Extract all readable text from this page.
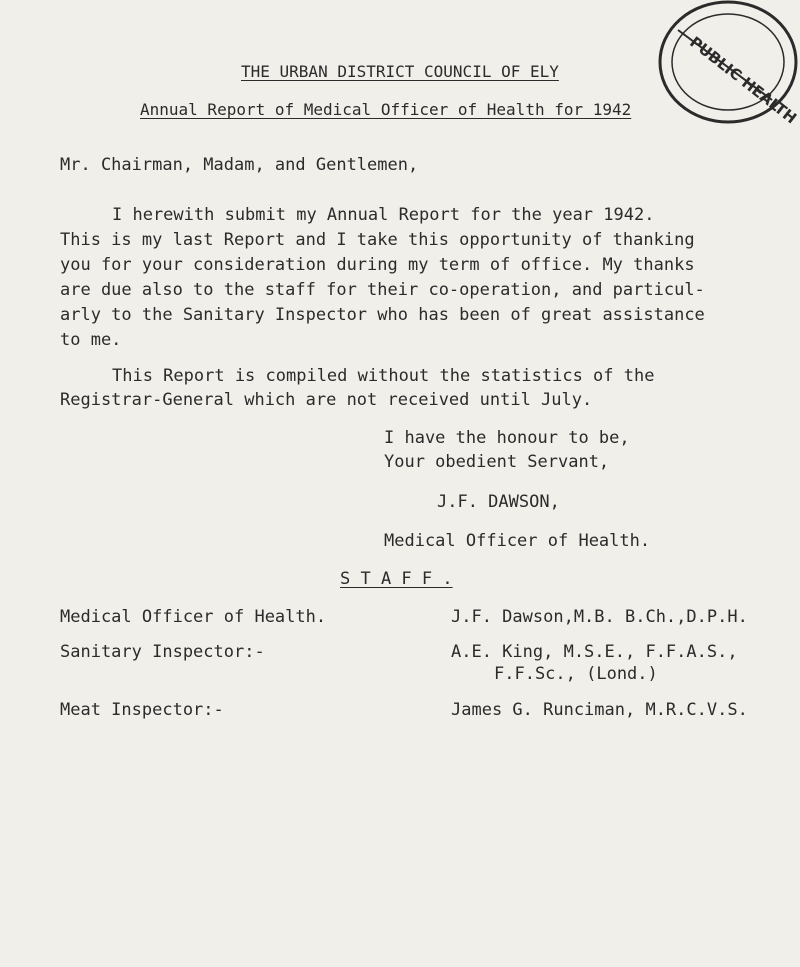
THE URBAN DISTRICT COUNCIL OF ELY
Annual Report of Medical Officer of Health for 1942	PUBLIC HEALTH
Mr. Chairman, Madam, and Gentlemen,
I herewith submit my Annual Report for the year 1942.
This is my last Report and I take this opportunity of thanking
you for your consideration during my term of office. My thanks
are due also to the staff for their co-operation, and particul-
arly to the Sanitary Inspector who has been of great assistance
to me.
This Report is compiled without the statistics of the
Registrar-General which are not received until July.
I have the honour to be,
Your obedient Servant,
J.F. DAWSON,
Medical Officer of Health.
S T A F F .
Medical Officer of Health.	J.F. Dawson,M.B. B.Ch.,D.P.H.
Sanitary Inspector:-	A.E. King, M.S.E., F.F.A.S.,
F.F.Sc., (Lond.)
Meat Inspector:-	James G. Runciman, M.R.C.V.S.
